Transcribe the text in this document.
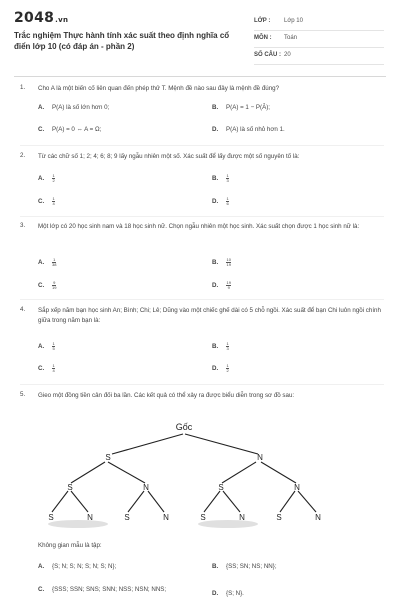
2048.vn
Trắc nghiệm Thực hành tính xác suất theo định nghĩa cổ điển lớp 10 (có đáp án - phần 2)
LỚP : Lớp 10
MÔN : Toán
SỐ CÂU : 20
1. Cho A là một biến cố liên quan đến phép thử T. Mệnh đề nào sau đây là mệnh đề đúng?
A. P(A) là số lớn hơn 0;	B. P(A) = 1 − P(Ā);
C. P(A) = 0 ⇔ A = Ω;	D. P(A) là số nhỏ hơn 1.
2. Từ các chữ số 1; 2; 4; 6; 8; 9 lấy ngẫu nhiên một số. Xác suất để lấy được một số nguyên tố là:
A. $\frac{1}{2}$	B. $\frac{1}{3}$
C. $\frac{1}{4}$	D. $\frac{1}{6}$
3. Một lớp có 20 học sinh nam và 18 học sinh nữ. Chọn ngẫu nhiên một học sinh. Xác suất chọn được 1 học sinh nữ là:
A. $\frac{1}{38}$	B. $\frac{10}{19}$
C. $\frac{9}{19}$	D. $\frac{19}{9}$
4. Sắp xếp năm bạn học sinh An; Bình; Chi; Lê; Dũng vào một chiếc ghế dài có 5 chỗ ngồi. Xác suất để bạn Chi luôn ngồi chính giữa trong năm bạn là:
A. $\frac{1}{5}$	B. $\frac{1}{3}$
C. $\frac{1}{4}$	D. $\frac{1}{2}$
5. Gieo một đồng tiền cân đối ba lần. Các kết quả có thể xảy ra được biểu diễn trong sơ đồ sau:
Gốc
S	N
S	N	S	N
S	N	S	N	S	N	S	N
Không gian mẫu là tập:
A. {S; N; S; N; S; N; S; N};	B. {SS; SN; NS; NN};
C. {SSS; SSN; SNS; SNN; NSS; NSN; NNS;
D. {S; N}.
